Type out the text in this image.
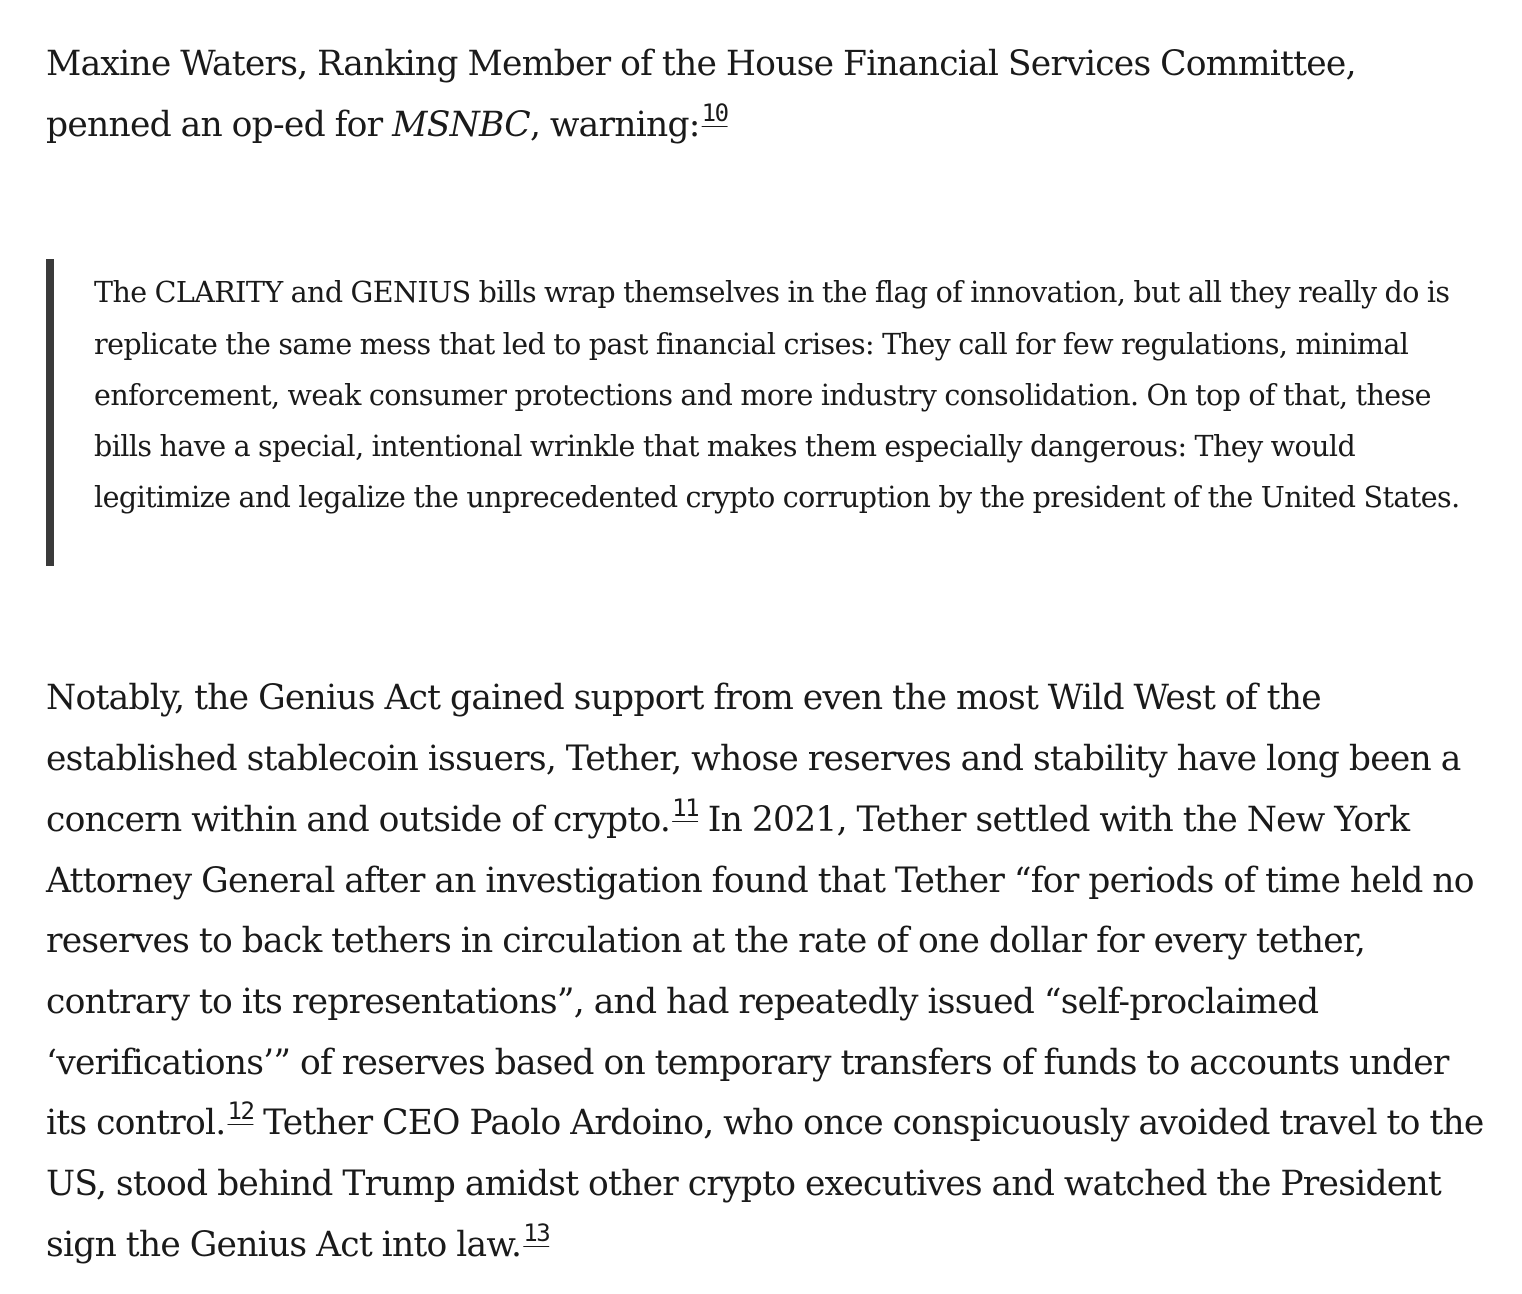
Maxine Waters, Ranking Member of the House Financial Services Committee, penned an op-ed for MSNBC, warning:$^{10}$

The CLARITY and GENIUS bills wrap themselves in the flag of innovation, but all they really do is replicate the same mess that led to past financial crises: They call for few regulations, minimal enforcement, weak consumer protections and more industry consolidation. On top of that, these bills have a special, intentional wrinkle that makes them especially dangerous: They would legitimize and legalize the unprecedented crypto corruption by the president of the United States.

Notably, the Genius Act gained support from even the most Wild West of the established stablecoin issuers, Tether, whose reserves and stability have long been a concern within and outside of crypto.$^{11}$ In 2021, Tether settled with the New York Attorney General after an investigation found that Tether “for periods of time held no reserves to back tethers in circulation at the rate of one dollar for every tether, contrary to its representations”, and had repeatedly issued “self-proclaimed ‘verifications’” of reserves based on temporary transfers of funds to accounts under its control.$^{12}$ Tether CEO Paolo Ardoino, who once conspicuously avoided travel to the US, stood behind Trump amidst other crypto executives and watched the President sign the Genius Act into law.$^{13}$
